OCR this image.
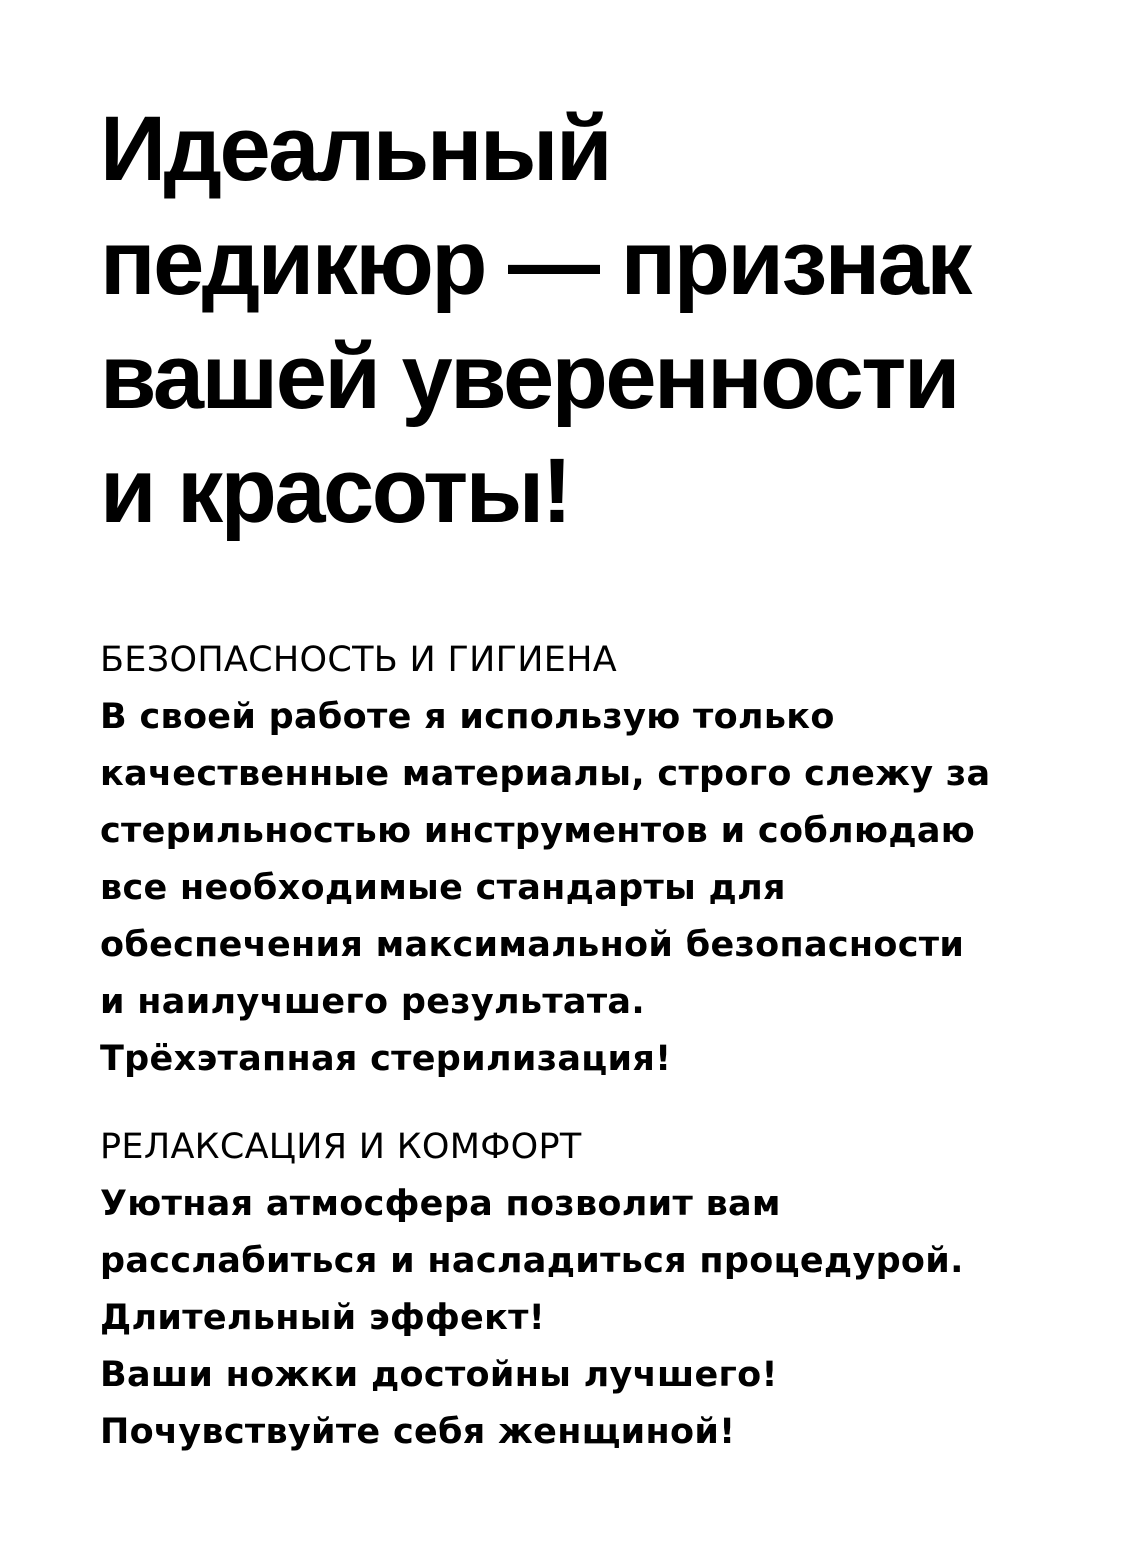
Идеальный
педикюр — признак
вашей уверенности
и красоты!
БЕЗОПАСНОСТЬ И ГИГИЕНА
В своей работе я использую только
качественные материалы, строго слежу за
стерильностью инструментов и соблюдаю
все необходимые стандарты для
обеспечения максимальной безопасности
и наилучшего результата.
Трёхэтапная стерилизация!
РЕЛАКСАЦИЯ И КОМФОРТ
Уютная атмосфера позволит вам
расслабиться и насладиться процедурой.
Длительный эффект!
Ваши ножки достойны лучшего!
Почувствуйте себя женщиной!
